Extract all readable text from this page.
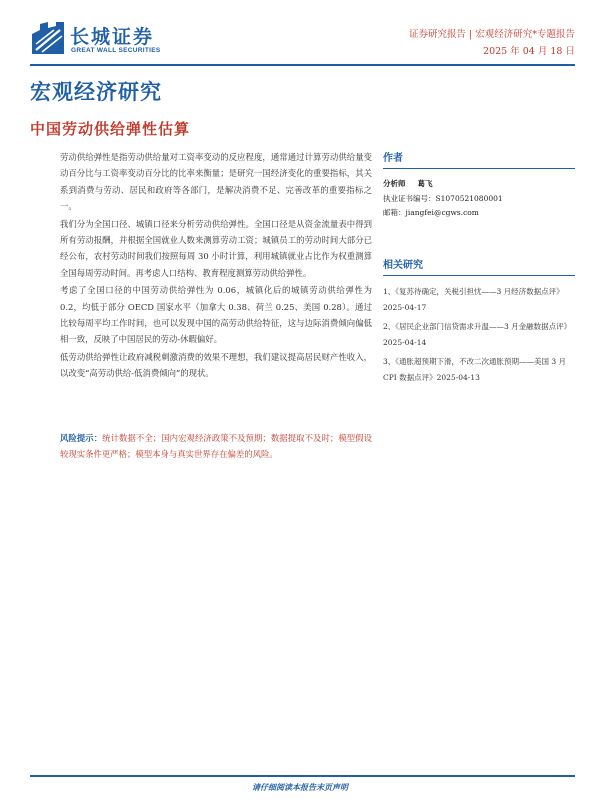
长城证券
GREAT WALL SECURITIES
证券研究报告 | 宏观经济研究*专题报告
2025 年 04 月 18 日
宏观经济研究
中国劳动供给弹性估算

劳动供给弹性是指劳动供给量对工资率变动的反应程度，通常通过计算劳动供给量变动百分比与工资率变动百分比的比率来衡量；是研究一国经济变化的重要指标，其关系到消费与劳动、居民和政府等各部门，是解决消费不足、完善改革的重要指标之一。

我们分为全国口径、城镇口径来分析劳动供给弹性。全国口径是从资金流量表中得到所有劳动报酬，并根据全国就业人数来测算劳动工资；城镇员工的劳动时间大部分已经公布，农村劳动时间我们按照每周 30 小时计算，利用城镇就业占比作为权重测算全国每周劳动时间。再考虑人口结构、教育程度测算劳动供给弹性。

考虑了全国口径的中国劳动供给弹性为 0.06，城镇化后的城镇劳动供给弹性为 0.2，均低于部分 OECD 国家水平（加拿大 0.38、荷兰 0.25、美国 0.28）。通过比较每周平均工作时间，也可以发现中国的高劳动供给特征，这与边际消费倾向偏低相一致，反映了中国居民的劳动-休暇偏好。

低劳动供给弹性让政府减税刺激消费的效果不理想，我们建议提高居民财产性收入，以改变“高劳动供给-低消费倾向”的现状。

风险提示：统计数据不全；国内宏观经济政策不及预期；数据提取不及时；模型假设较现实条件更严格；模型本身与真实世界存在偏差的风险。
作者
分析师 葛飞
执业证书编号：S1070521080001
邮箱：jiangfei@cgws.com
相关研究
1、《复苏待确定，关税引担忧——3 月经济数据点评》2025-04-17
2、《居民企业部门信贷需求升温——3 月金融数据点评》2025-04-14
3、《通胀超预期下滑，不改二次通胀预期——美国 3 月 CPI 数据点评》2025-04-13
请仔细阅读本报告末页声明
